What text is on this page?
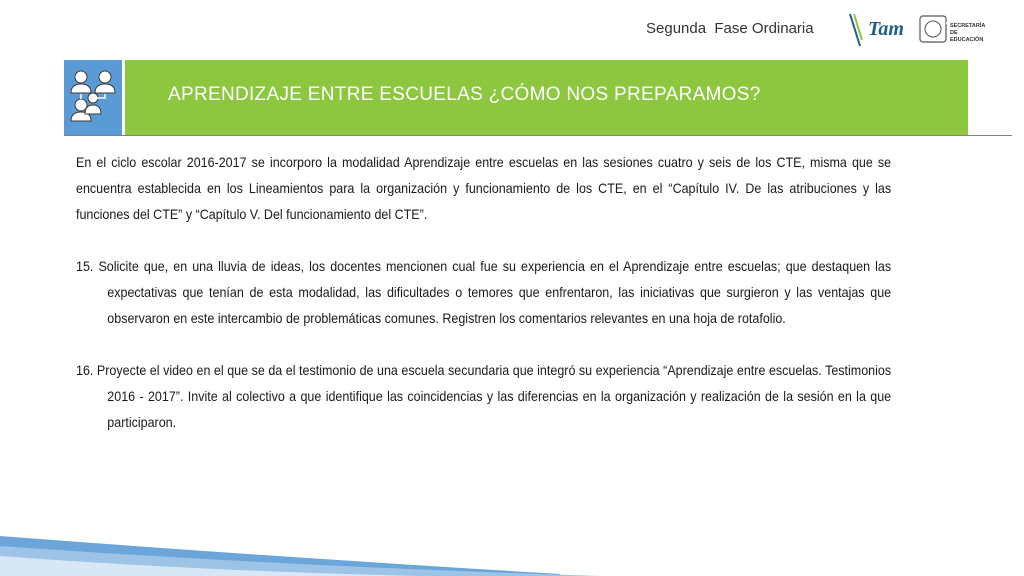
Segunda  Fase Ordinaria	Tam	SECRETARÍA DE EDUCACIÓN
APRENDIZAJE ENTRE ESCUELAS ¿CÓMO NOS PREPARAMOS?

En el ciclo escolar 2016-2017 se incorporo la modalidad Aprendizaje entre escuelas en las sesiones cuatro y seis de los CTE, misma que se encuentra establecida en los Lineamientos para la organización y funcionamiento de los CTE, en el “Capítulo IV. De las atribuciones y las funciones del CTE” y “Capítulo V. Del funcionamiento del CTE”.

15. Solicite que, en una lluvia de ideas, los docentes mencionen cual fue su experiencia en el Aprendizaje entre escuelas; que destaquen las expectativas que tenían de esta modalidad, las dificultades o temores que enfrentaron, las iniciativas que surgieron y las ventajas que observaron en este intercambio de problemáticas comunes. Registren los comentarios relevantes en una hoja de rotafolio.

16. Proyecte el video en el que se da el testimonio de una escuela secundaria que integró su experiencia “Aprendizaje entre escuelas. Testimonios 2016 - 2017”. Invite al colectivo a que identifique las coincidencias y las diferencias en la organización y realización de la sesión en la que participaron.
